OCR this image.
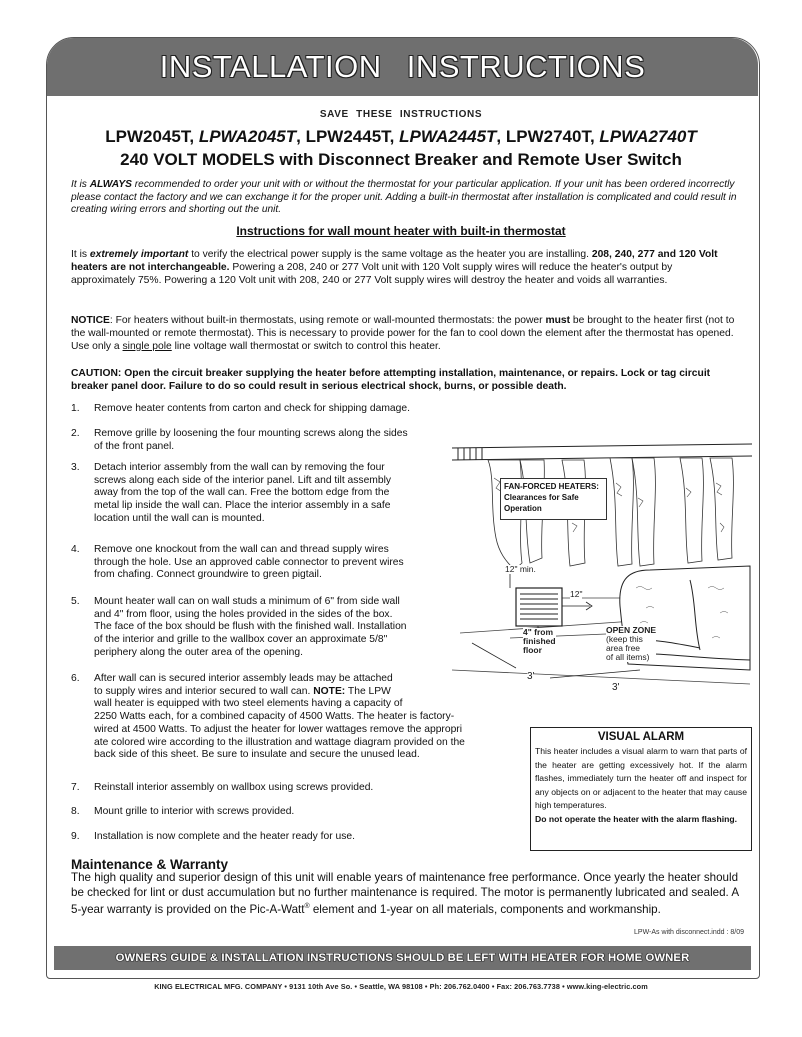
INSTALLATION INSTRUCTIONS
SAVE THESE INSTRUCTIONS
LPW2045T, LPWA2045T, LPW2445T, LPWA2445T, LPW2740T, LPWA2740T
240 VOLT MODELS with Disconnect Breaker and Remote User Switch
It is ALWAYS recommended to order your unit with or without the thermostat for your particular application. If your unit has been ordered incorrectly please contact the factory and we can exchange it for the proper unit. Adding a built-in thermostat after installation is complicated and could result in creating wiring errors and shorting out the unit.
Instructions for wall mount heater with built-in thermostat
It is extremely important to verify the electrical power supply is the same voltage as the heater you are installing. 208, 240, 277 and 120 Volt heaters are not interchangeable. Powering a 208, 240 or 277 Volt unit with 120 Volt supply wires will reduce the heater's output by approximately 75%. Powering a 120 Volt unit with 208, 240 or 277 Volt supply wires will destroy the heater and voids all warranties.
NOTICE: For heaters without built-in thermostats, using remote or wall-mounted thermostats: the power must be brought to the heater first (not to the wall-mounted or remote thermostat). This is necessary to provide power for the fan to cool down the element after the thermostat has opened. Use only a single pole line voltage wall thermostat or switch to control this heater.
CAUTION: Open the circuit breaker supplying the heater before attempting installation, maintenance, or repairs. Lock or tag circuit breaker panel door. Failure to do so could result in serious electrical shock, burns, or possible death.
1. Remove heater contents from carton and check for shipping damage.
2. Remove grille by loosening the four mounting screws along the sides
of the front panel.
3. Detach interior assembly from the wall can by removing the four
screws along each side of the interior panel. Lift and tilt assembly
away from the top of the wall can. Free the bottom edge from the
metal lip inside the wall can. Place the interior assembly in a safe
location until the wall can is mounted.
4. Remove one knockout from the wall can and thread supply wires
through the hole. Use an approved cable connector to prevent wires
from chafing. Connect groundwire to green pigtail.
5. Mount heater wall can on wall studs a minimum of 6" from side wall
and 4" from floor, using the holes provided in the sides of the box.
The face of the box should be flush with the finished wall. Installation
of the interior and grille to the wallbox cover an approximate 5/8"
periphery along the outer area of the opening.
6. After wall can is secured interior assembly leads may be attached
to supply wires and interior secured to wall can. NOTE: The LPW
wall heater is equipped with two steel elements having a capacity of
2250 Watts each, for a combined capacity of 4500 Watts. The heater is factory-
wired at 4500 Watts. To adjust the heater for lower wattages remove the appropri
ate colored wire according to the illustration and wattage diagram provided on the
back side of this sheet. Be sure to insulate and secure the unused lead.
7. Reinstall interior assembly on wallbox using screws provided.
8. Mount grille to interior with screws provided.
9. Installation is now complete and the heater ready for use.
FAN-FORCED HEATERS:
Clearances for Safe
Operation
12" min.
12"
4" from
finished
floor
OPEN ZONE
(keep this
area free
of all items)
3'
3'
VISUAL ALARM
This heater includes a visual alarm to warn that parts of the heater are getting excessively hot. If the alarm flashes, immediately turn the heater off and inspect for any objects on or adjacent to the heater that may cause high temperatures.
Do not operate the heater with the alarm flashing.
Maintenance & Warranty
The high quality and superior design of this unit will enable years of maintenance free performance. Once yearly the heater should be checked for lint or dust accumulation but no further maintenance is required. The motor is permanently lubricated and sealed. A 5-year warranty is provided on the Pic-A-Watt® element and 1-year on all materials, components and workmanship.
LPW-As with disconnect.indd : 8/09
OWNERS GUIDE & INSTALLATION INSTRUCTIONS SHOULD BE LEFT WITH HEATER FOR HOME OWNER
KING ELECTRICAL MFG. COMPANY • 9131 10th Ave So. • Seattle, WA 98108 • Ph: 206.762.0400 • Fax: 206.763.7738 • www.king-electric.com
